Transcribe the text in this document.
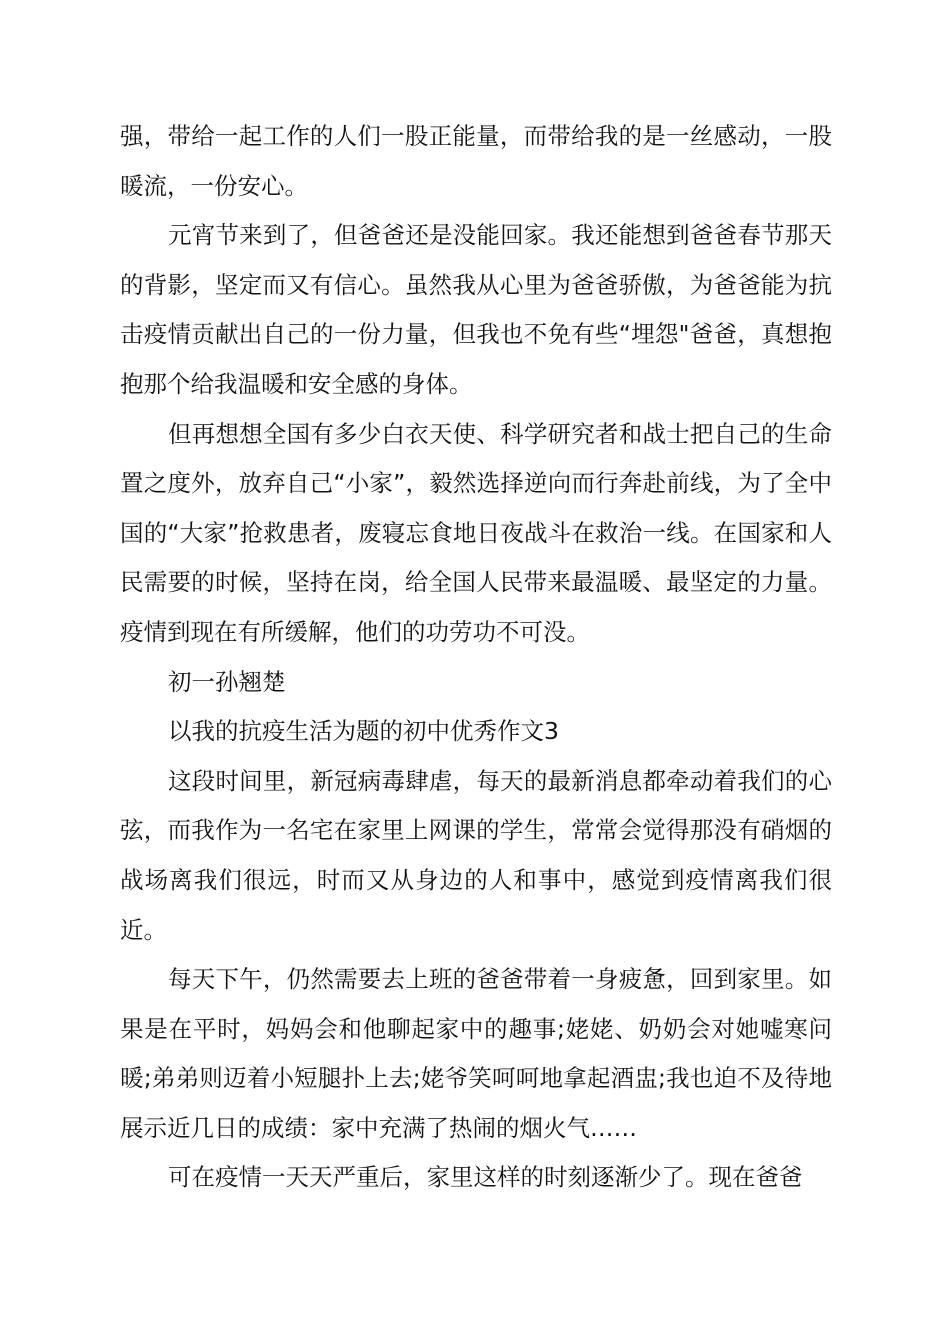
强，带给一起工作的人们一股正能量，而带给我的是一丝感动，一股暖流，一份安心。

元宵节来到了，但爸爸还是没能回家。我还能想到爸爸春节那天的背影，坚定而又有信心。虽然我从心里为爸爸骄傲，为爸爸能为抗击疫情贡献出自己的一份力量，但我也不免有些“埋怨"爸爸，真想抱抱那个给我温暖和安全感的身体。

但再想想全国有多少白衣天使、科学研究者和战士把自己的生命置之度外，放弃自己“小家”，毅然选择逆向而行奔赴前线，为了全中国的“大家”抢救患者，废寝忘食地日夜战斗在救治一线。在国家和人民需要的时候，坚持在岗，给全国人民带来最温暖、最坚定的力量。疫情到现在有所缓解，他们的功劳功不可没。

初一孙翘楚

以我的抗疫生活为题的初中优秀作文3

这段时间里，新冠病毒肆虐，每天的最新消息都牵动着我们的心弦，而我作为一名宅在家里上网课的学生，常常会觉得那没有硝烟的战场离我们很远，时而又从身边的人和事中，感觉到疫情离我们很近。

每天下午，仍然需要去上班的爸爸带着一身疲惫，回到家里。如果是在平时，妈妈会和他聊起家中的趣事;姥姥、奶奶会对她嘘寒问暖;弟弟则迈着小短腿扑上去;姥爷笑呵呵地拿起酒盅;我也迫不及待地展示近几日的成绩：家中充满了热闹的烟火气……

可在疫情一天天严重后，家里这样的时刻逐渐少了。现在爸爸
